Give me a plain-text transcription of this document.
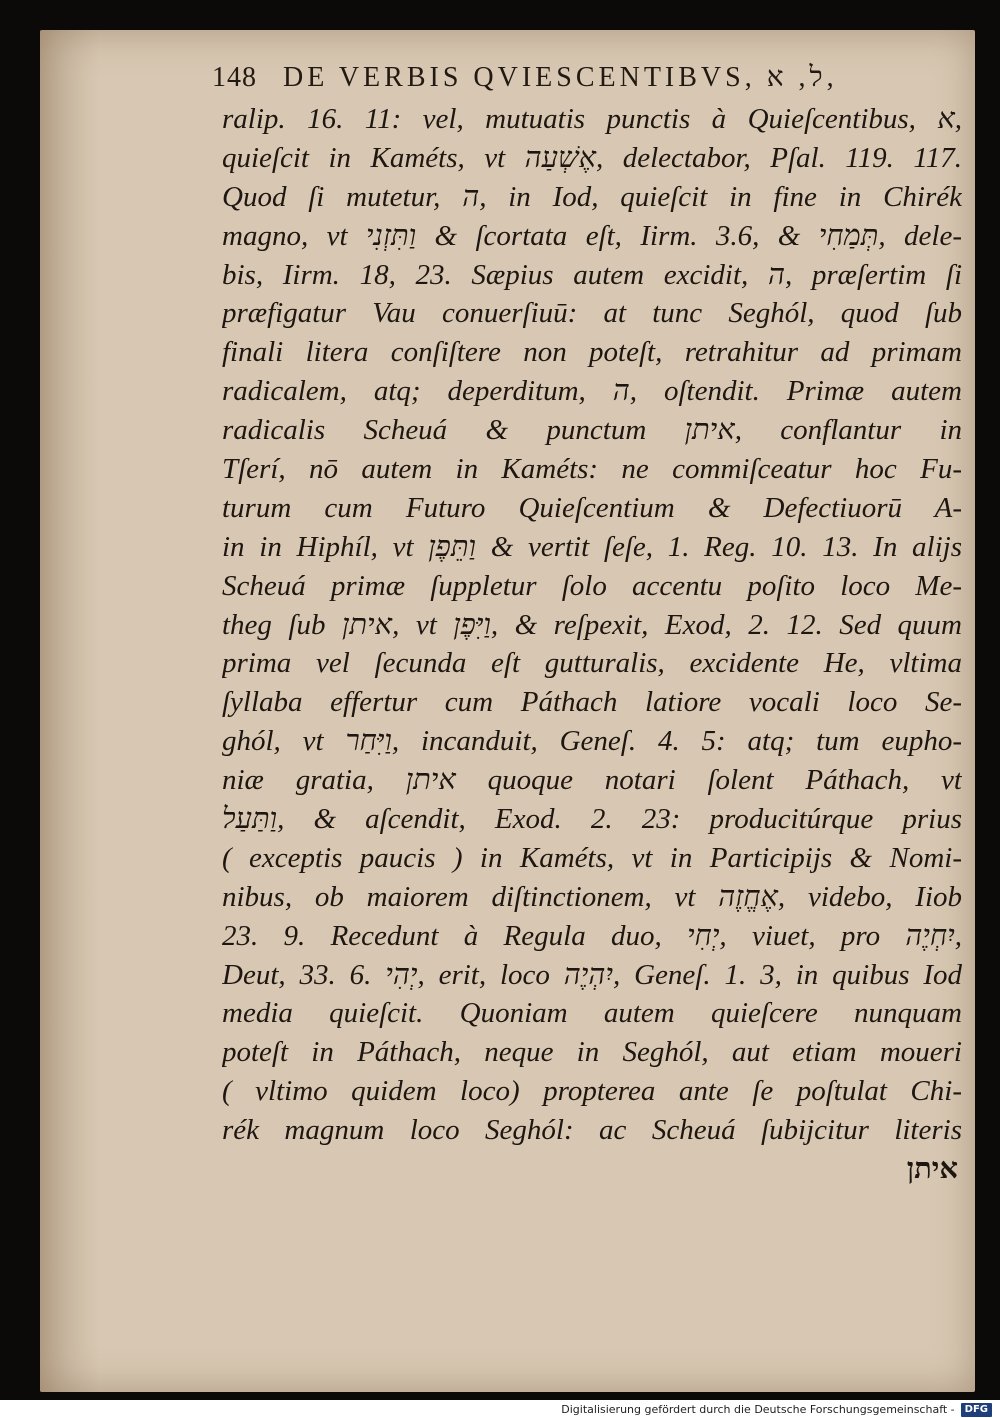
148 DE VERBIS QVIESCENTIBVS, ל, א,
ralip. 16. 11: vel, mutuatis punctis à Quieſcentibus, א,
quieſcit in Kaméts, vt אֶשְׁעַה, delectabor, Pſal. 119. 117.
Quod ſi mutetur, ה, in Iod, quieſcit in fine in Chirék
magno, vt וַתִּזְנִי & ſcortata eſt, Iirm. 3.6, & תְּמַחִי, dele-
bis, Iirm. 18, 23. Sæpius autem excidit, ה, præſertim ſi
præfigatur Vau conuerſiuū: at tunc Seghól, quod ſub
finali litera conſiſtere non poteſt, retrahitur ad primam
radicalem, atq; deperditum, ה, oſtendit. Primæ autem
radicalis Scheuá & punctum איתן, conflantur in
Tſerí, nō autem in Kaméts: ne commiſceatur hoc Fu-
turum cum Futuro Quieſcentium & Defectiuorū A-
in in Hiphíl, vt וַתֵּפֶן & vertit ſeſe, 1. Reg. 10. 13. In alijs
Scheuá primæ ſuppletur ſolo accentu poſito loco Me-
theg ſub איתן, vt וַיִּפֶן, & reſpexit, Exod, 2. 12. Sed quum
prima vel ſecunda eſt gutturalis, excidente He, vltima
ſyllaba effertur cum Páthach latiore vocali loco Se-
ghól, vt וַיִּחַר, incanduit, Geneſ. 4. 5: atq; tum eupho-
niæ gratia, איתן quoque notari ſolent Páthach, vt
וַתַּעַל, & aſcendit, Exod. 2. 23: producitúrque prius
( exceptis paucis ) in Kaméts, vt in Participijs & Nomi-
nibus, ob maiorem diſtinctionem, vt אֶחֱזֶה, videbo, Iiob
23. 9. Recedunt à Regula duo, יְחִי, viuet, pro יִחְיֶה,
Deut, 33. 6. יְהִי, erit, loco יִהְיֶה, Geneſ. 1. 3, in quibus Iod
media quieſcit. Quoniam autem quieſcere nunquam
poteſt in Páthach, neque in Seghól, aut etiam moueri
( vltimo quidem loco) propterea ante ſe poſtulat Chi-
rék magnum loco Seghól: ac Scheuá ſubijcitur literis
איתן
Digitalisierung gefördert durch die Deutsche Forschungsgemeinschaft -	DFG
